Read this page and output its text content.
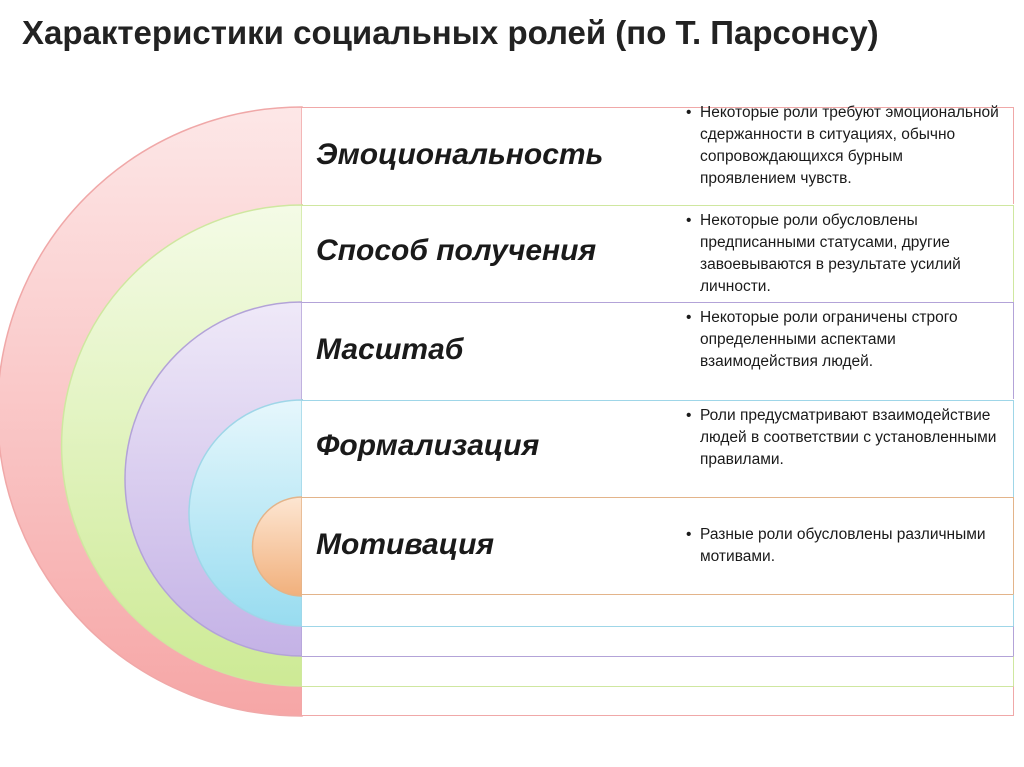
Характеристики социальных ролей (по Т. Парсонсу)
Эмоциональность
• Некоторые роли требуют эмоциональной сдержанности в ситуациях, обычно сопровождающихся бурным проявлением чувств.
Способ получения
• Некоторые роли обусловлены предписанными статусами, другие завоевываются в результате усилий личности.
Масштаб
• Некоторые роли ограничены строго определенными аспектами взаимодействия людей.
Формализация
• Роли предусматривают взаимодействие людей в соответствии с установленными правилами.
Мотивация	• Разные роли обусловлены различными мотивами.
